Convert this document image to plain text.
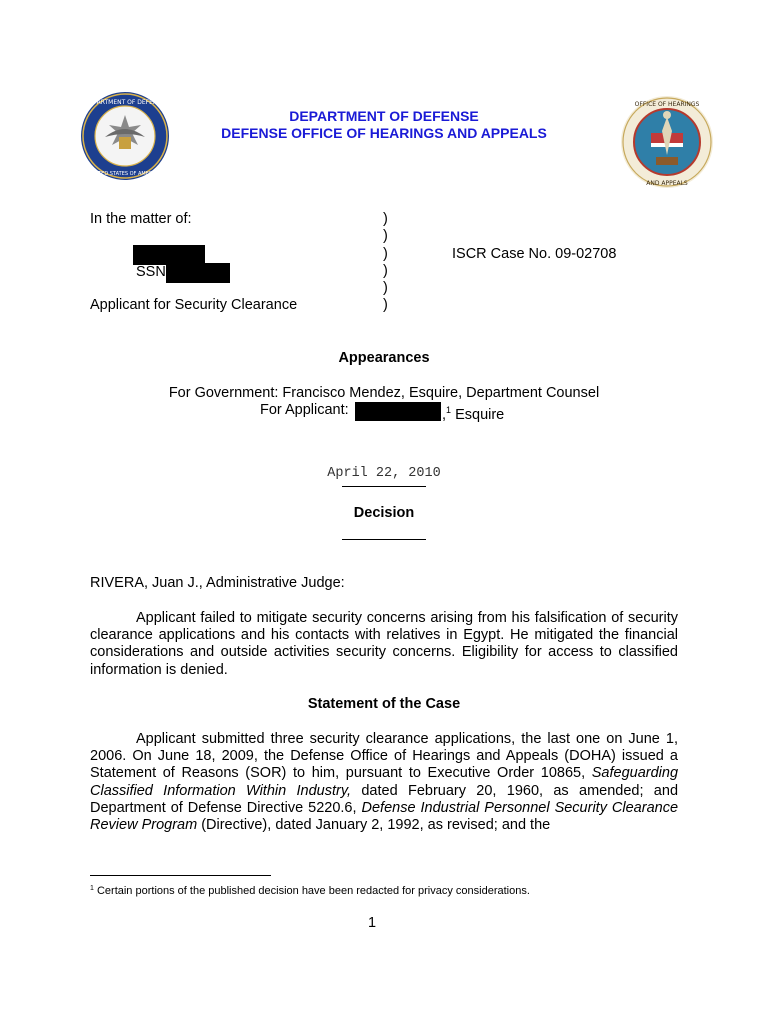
DEPARTMENT OF DEFENSE
UNITED STATES OF AMERICA
OFFICE OF HEARINGS
AND APPEALS
DEPARTMENT OF DEFENSE
DEFENSE OFFICE OF HEARINGS AND APPEALS
In the matter of:
SSN
Applicant for Security Clearance
ISCR Case No. 09-02708
)
)
)
)
)
)
Appearances
For Government: Francisco Mendez, Esquire, Department Counsel
For Applicant:	,$^1$ Esquire
April 22, 2010
Decision
RIVERA, Juan J., Administrative Judge:
Applicant failed to mitigate security concerns arising from his falsification of security clearance applications and his contacts with relatives in Egypt. He mitigated the financial considerations and outside activities security concerns. Eligibility for access to classified information is denied.
Statement of the Case
Applicant submitted three security clearance applications, the last one on June 1, 2006. On June 18, 2009, the Defense Office of Hearings and Appeals (DOHA) issued a Statement of Reasons (SOR) to him, pursuant to Executive Order 10865, Safeguarding Classified Information Within Industry, dated February 20, 1960, as amended; and Department of Defense Directive 5220.6, Defense Industrial Personnel Security Clearance Review Program (Directive), dated January 2, 1992, as revised; and the
$^1$ Certain portions of the published decision have been redacted for privacy considerations.
1
